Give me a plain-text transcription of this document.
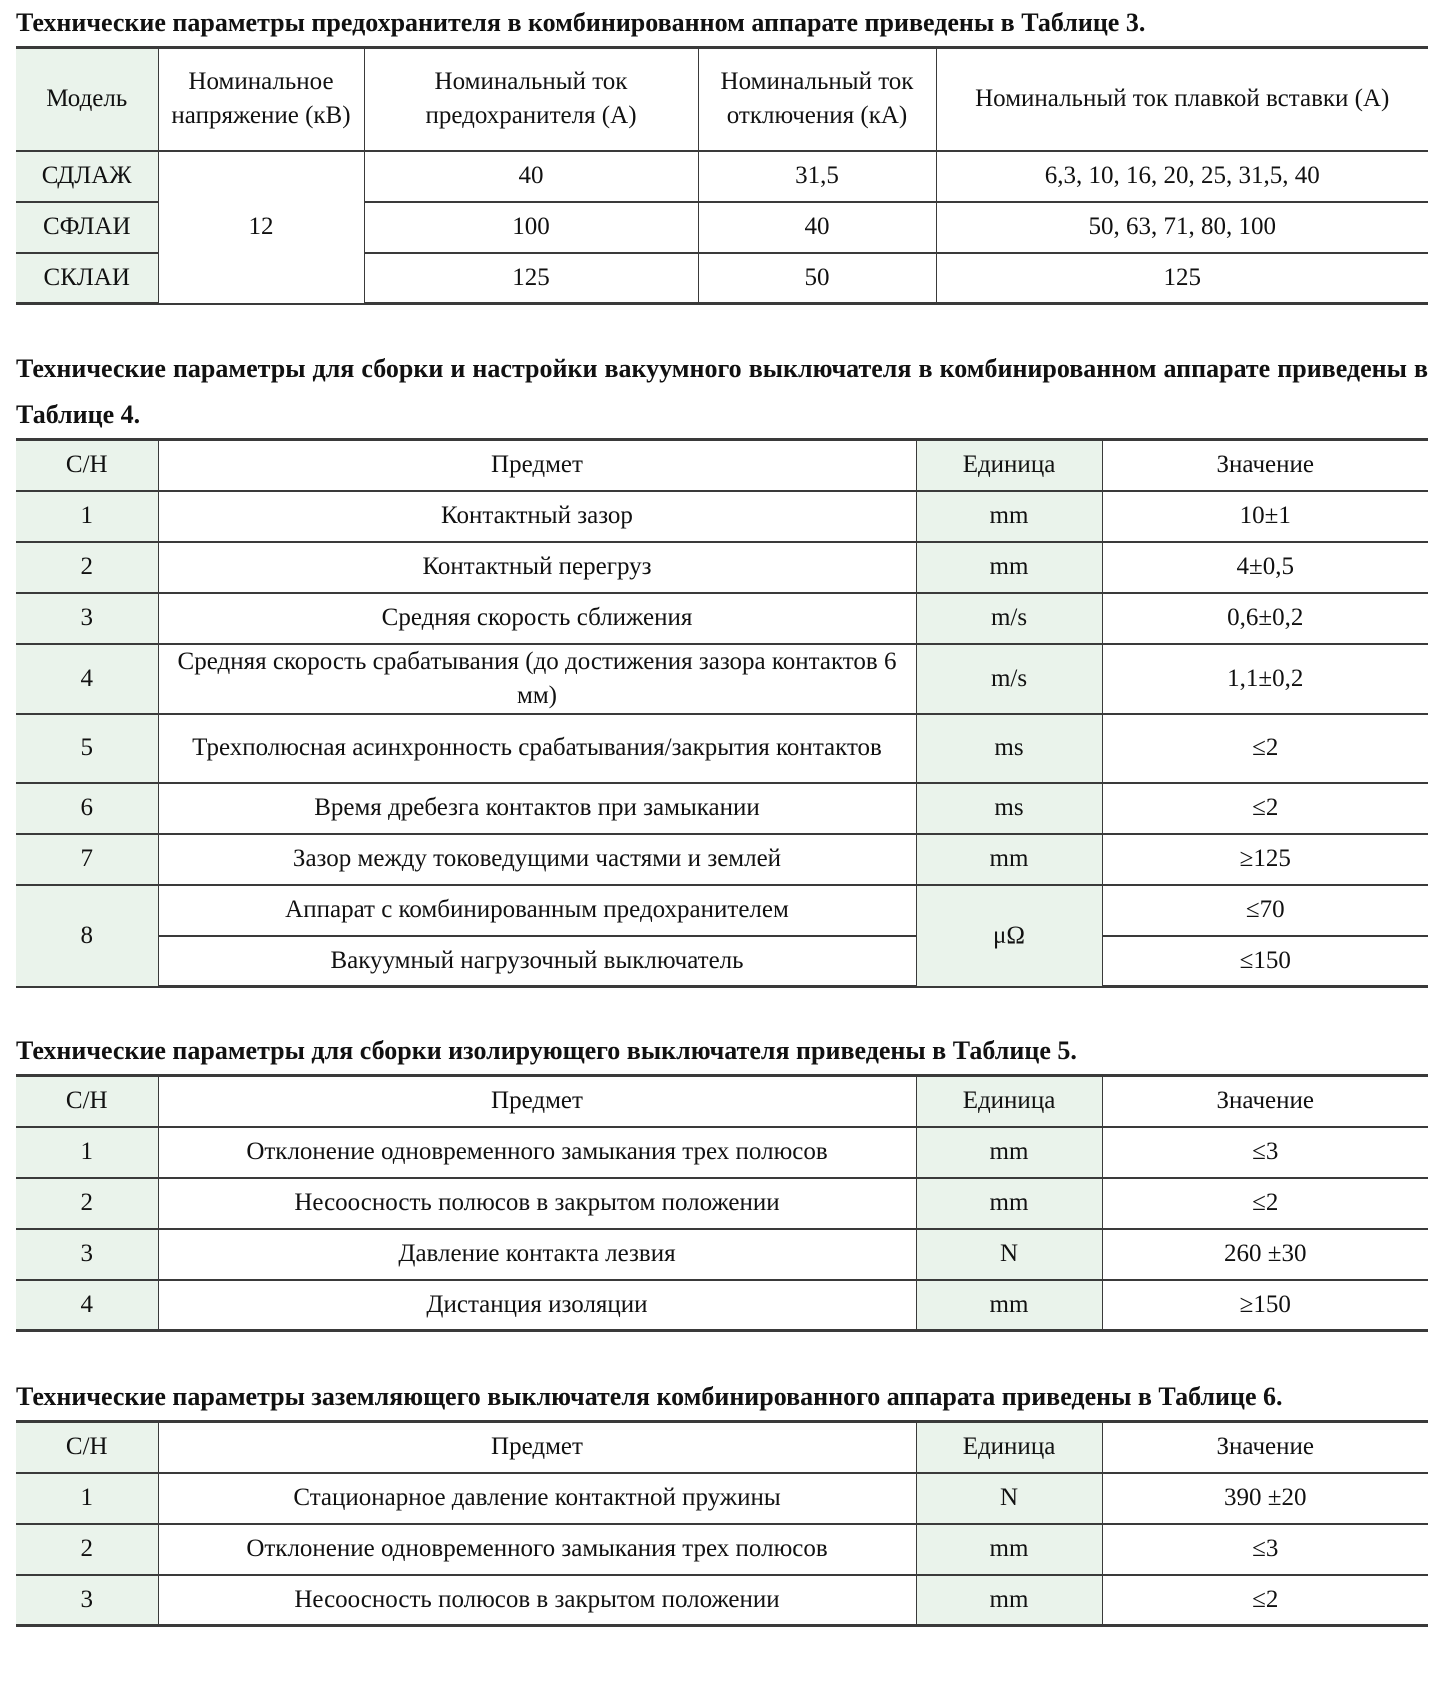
Технические параметры предохранителя в комбинированном аппарате приведены в Таблице 3.

Модель	Номинальное напряжение (кВ)	Номинальный ток предохранителя (А)	Номинальный ток отключения (кА)	Номинальный ток плавкой вставки (А)
СДЛАЖ	12	40	31,5	6,3, 10, 16, 20, 25, 31,5, 40
СФЛАИ		100	40	50, 63, 71, 80, 100
СКЛАИ		125	50	125

Технические параметры для сборки и настройки вакуумного выключателя в комбинированном аппарате приведены в Таблице 4.

С/Н	Предмет	Единица	Значение
1	Контактный зазор	mm	10±1
2	Контактный перегруз	mm	4±0,5
3	Средняя скорость сближения	m/s	0,6±0,2
4	Средняя скорость срабатывания (до достижения зазора контактов 6 мм)	m/s	1,1±0,2
5	Трехполюсная асинхронность срабатывания/закрытия контактов	ms	≤2
6	Время дребезга контактов при замыкании	ms	≤2
7	Зазор между токоведущими частями и землей	mm	≥125
8	Аппарат с комбинированным предохранителем	μΩ	≤70
	Вакуумный нагрузочный выключатель		≤150

Технические параметры для сборки изолирующего выключателя приведены в Таблице 5.

С/Н	Предмет	Единица	Значение
1	Отклонение одновременного замыкания трех полюсов	mm	≤3
2	Несоосность полюсов в закрытом положении	mm	≤2
3	Давление контакта лезвия	N	260 ±30
4	Дистанция изоляции	mm	≥150

Технические параметры заземляющего выключателя комбинированного аппарата приведены в Таблице 6.

С/Н	Предмет	Единица	Значение
1	Стационарное давление контактной пружины	N	390 ±20
2	Отклонение одновременного замыкания трех полюсов	mm	≤3
3	Несоосность полюсов в закрытом положении	mm	≤2
